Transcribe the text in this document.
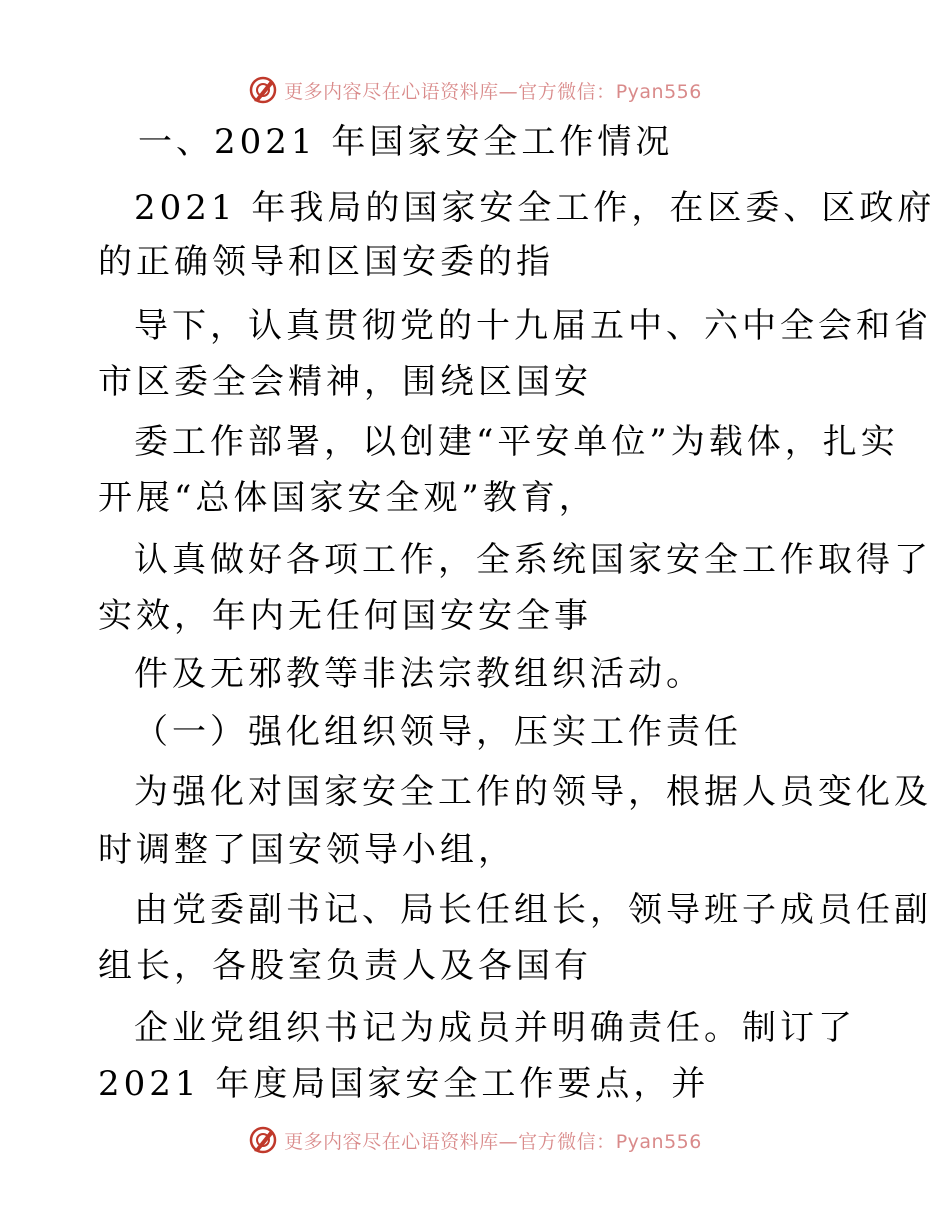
更多内容尽在心语资料库—官方微信：Pyan556
一、2021 年国家安全工作情况
2021 年我局的国家安全工作，在区委、区政府
的正确领导和区国安委的指
导下，认真贯彻党的十九届五中、六中全会和省
市区委全会精神，围绕区国安
委工作部署，以创建“平安单位”为载体，扎实
开展“总体国家安全观”教育，
认真做好各项工作，全系统国家安全工作取得了
实效，年内无任何国安安全事
件及无邪教等非法宗教组织活动。
（一）强化组织领导，压实工作责任
为强化对国家安全工作的领导，根据人员变化及
时调整了国安领导小组，
由党委副书记、局长任组长，领导班子成员任副
组长，各股室负责人及各国有
企业党组织书记为成员并明确责任。制订了
2021 年度局国家安全工作要点，并
更多内容尽在心语资料库—官方微信：Pyan556
